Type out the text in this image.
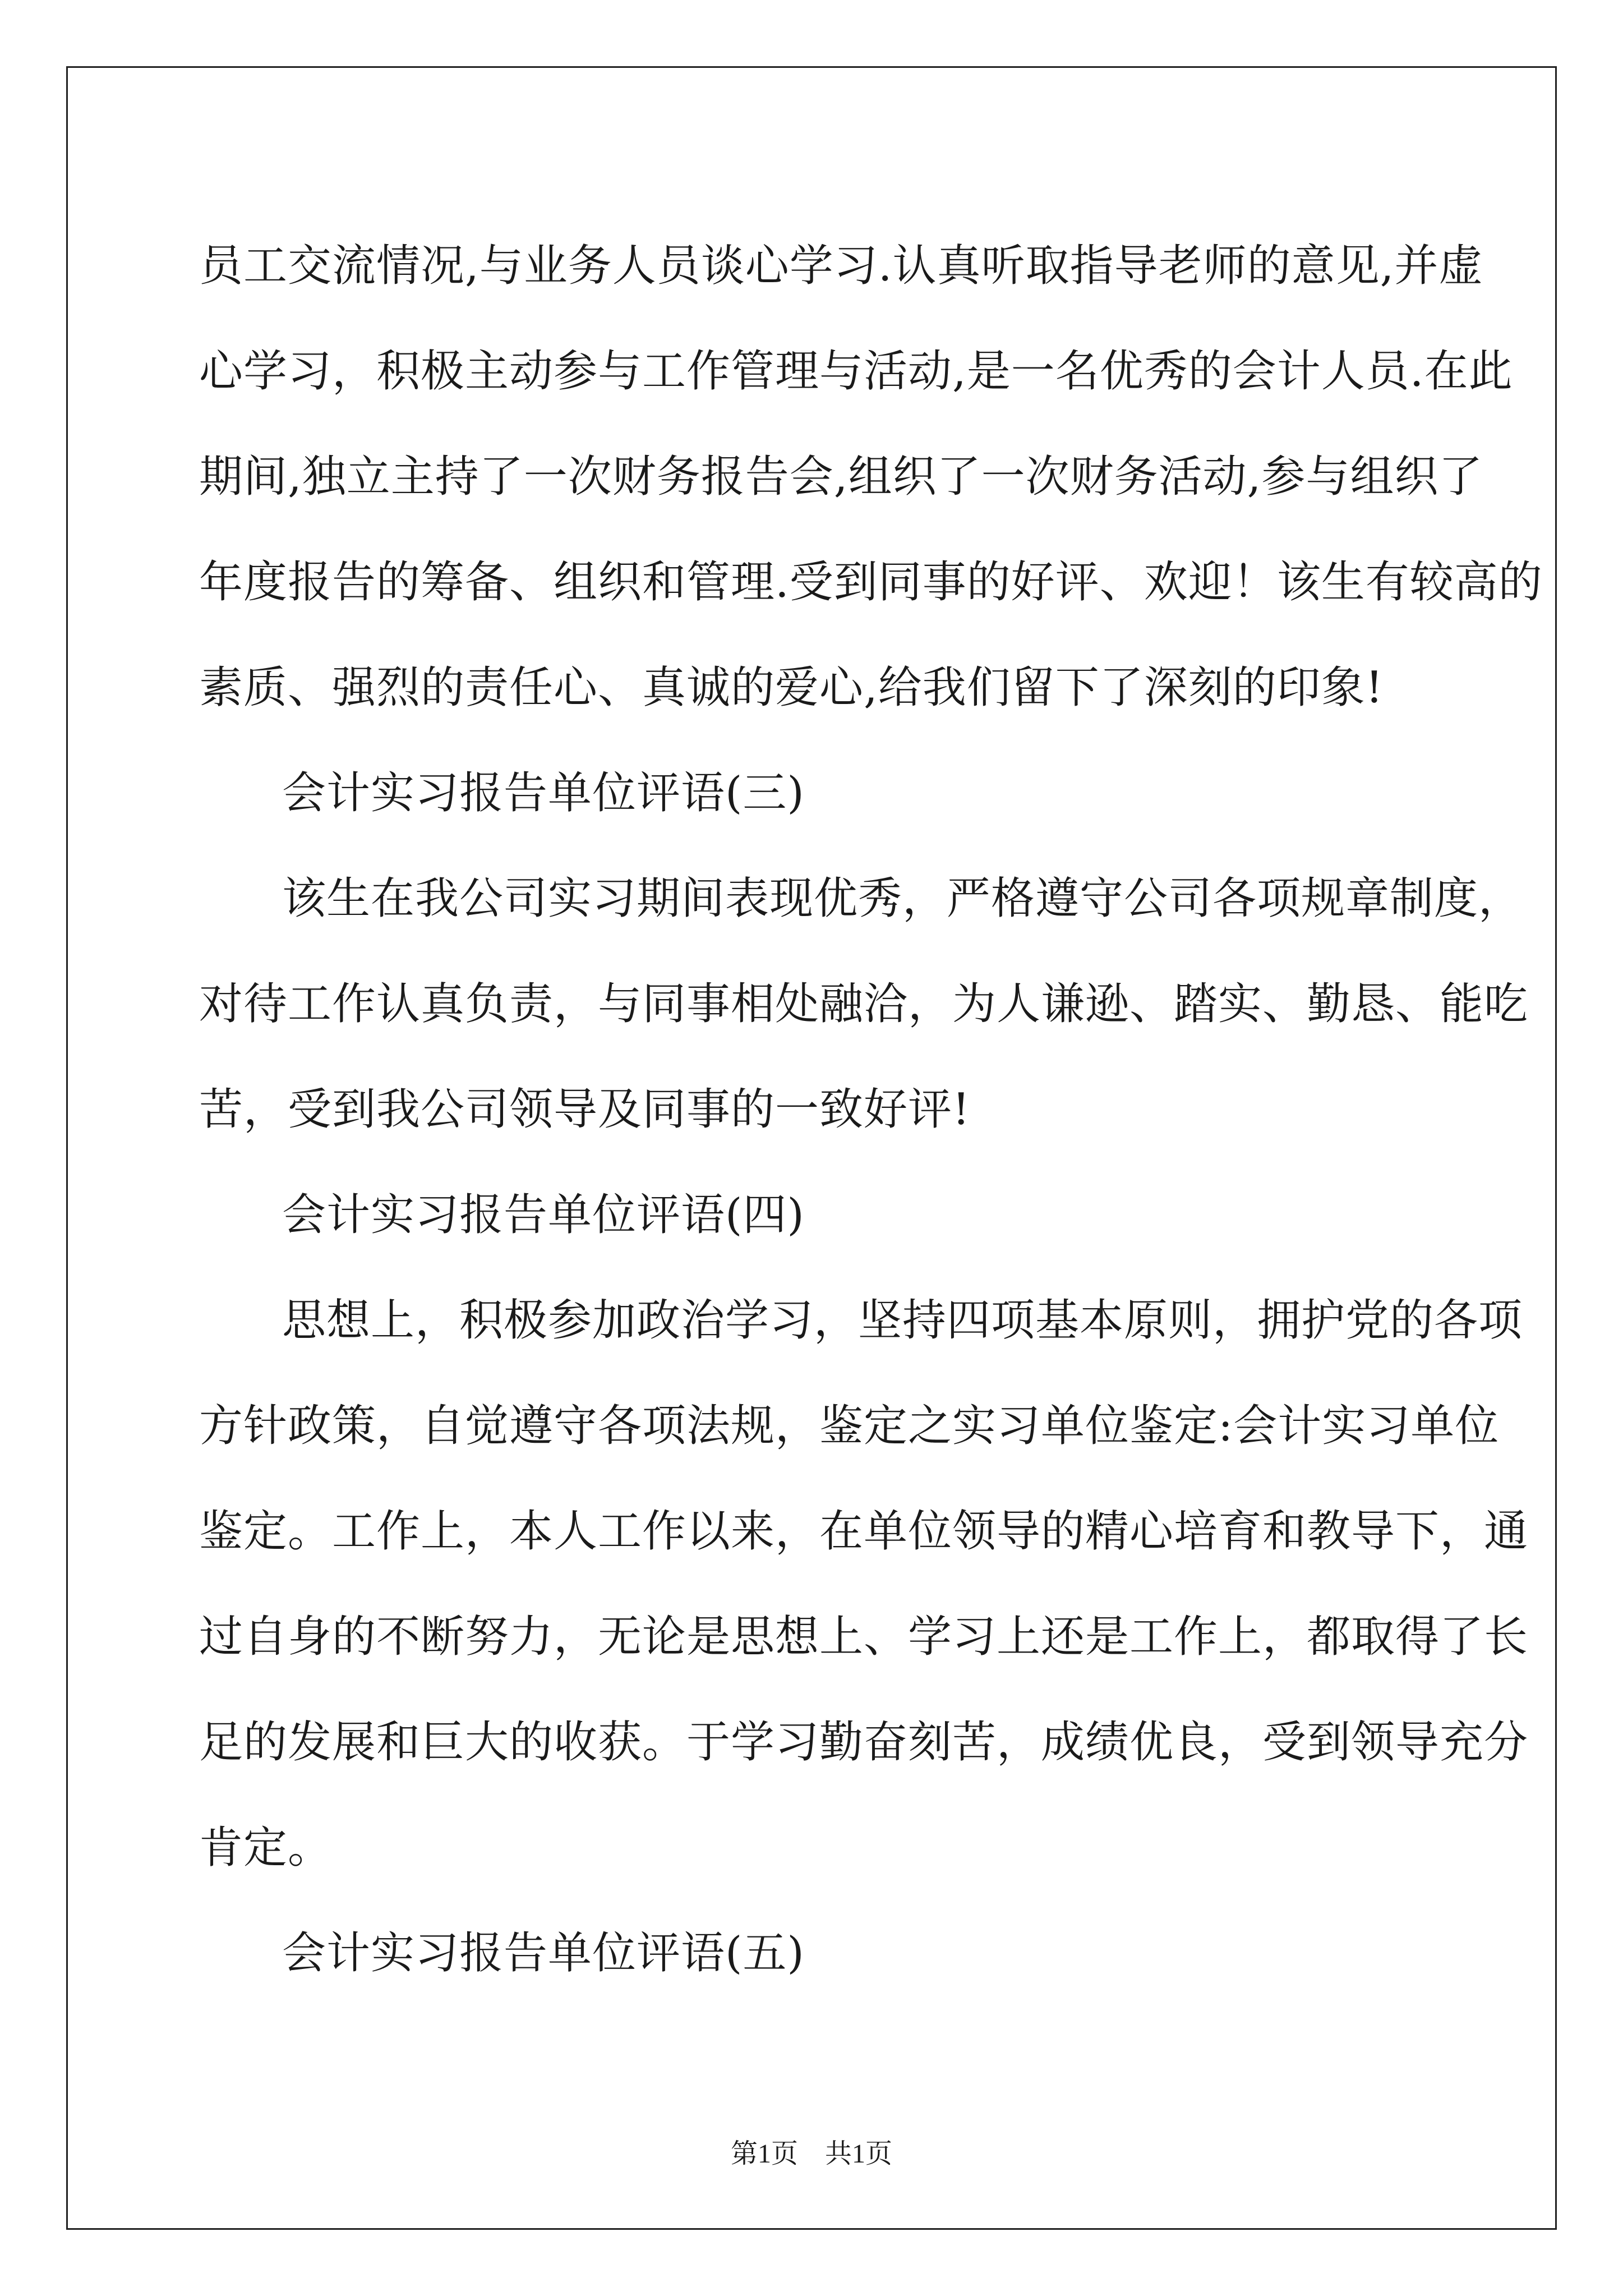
员工交流情况,与业务人员谈心学习.认真听取指导老师的意见,并虚
心学习，积极主动参与工作管理与活动,是一名优秀的会计人员.在此
期间,独立主持了一次财务报告会,组织了一次财务活动,参与组织了
年度报告的筹备、组织和管理.受到同事的好评、欢迎！该生有较高的
素质、强烈的责任心、真诚的爱心,给我们留下了深刻的印象!
会计实习报告单位评语(三)
该生在我公司实习期间表现优秀，严格遵守公司各项规章制度，
对待工作认真负责，与同事相处融洽，为人谦逊、踏实、勤恳、能吃
苦，受到我公司领导及同事的一致好评!
会计实习报告单位评语(四)
思想上，积极参加政治学习，坚持四项基本原则，拥护党的各项
方针政策，自觉遵守各项法规，鉴定之实习单位鉴定:会计实习单位
鉴定。工作上，本人工作以来，在单位领导的精心培育和教导下，通
过自身的不断努力，无论是思想上、学习上还是工作上，都取得了长
足的发展和巨大的收获。于学习勤奋刻苦，成绩优良，受到领导充分
肯定。
会计实习报告单位评语(五)
第1页　共1页
